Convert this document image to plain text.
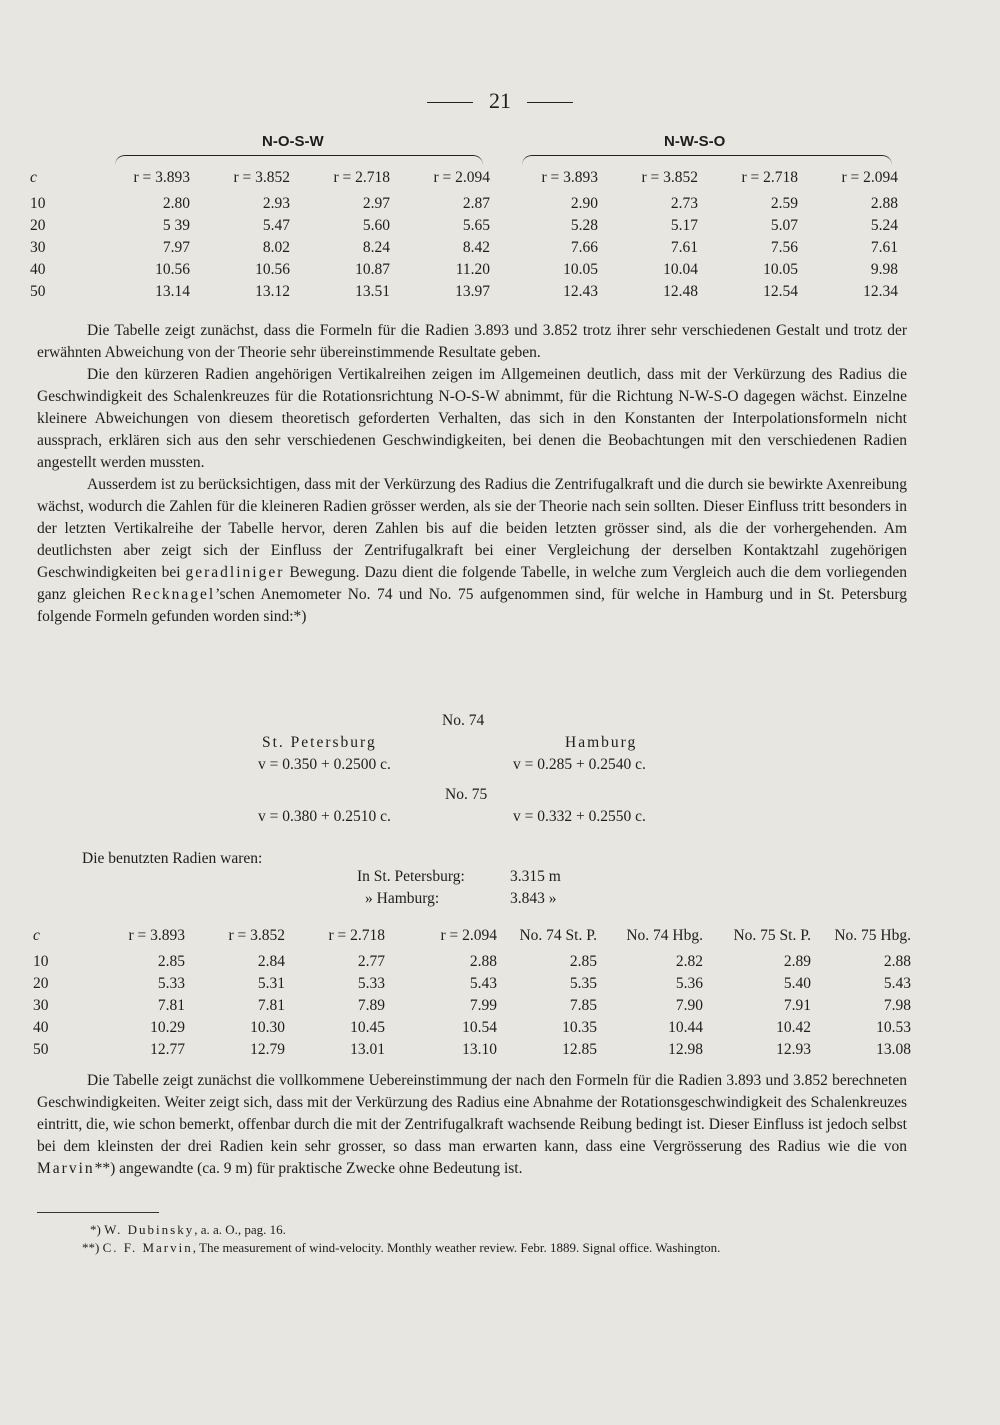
21
N-O-S-W	N-W-S-O
c	r = 3.893	r = 3.852	r = 2.718	r = 2.094	r = 3.893	r = 3.852	r = 2.718	r = 2.094
10	2.80	2.93	2.97	2.87	2.90	2.73	2.59	2.88
20	5 39	5.47	5.60	5.65	5.28	5.17	5.07	5.24
30	7.97	8.02	8.24	8.42	7.66	7.61	7.56	7.61
40	10.56	10.56	10.87	11.20	10.05	10.04	10.05	9.98
50	13.14	13.12	13.51	13.97	12.43	12.48	12.54	12.34

Die Tabelle zeigt zunächst, dass die Formeln für die Radien 3.893 und 3.852 trotz ihrer sehr verschiedenen Gestalt und trotz der erwähnten Abweichung von der Theorie sehr übereinstimmende Resultate geben.

Die den kürzeren Radien angehörigen Vertikalreihen zeigen im Allgemeinen deutlich, dass mit der Verkürzung des Radius die Geschwindigkeit des Schalenkreuzes für die Rotationsrichtung N-O-S-W abnimmt, für die Richtung N-W-S-O dagegen wächst. Einzelne kleinere Abweichungen von diesem theoretisch geforderten Verhalten, das sich in den Konstanten der Interpolationsformeln nicht aussprach, erklären sich aus den sehr verschiedenen Geschwindigkeiten, bei denen die Beobachtungen mit den verschiedenen Radien angestellt werden mussten.

Ausserdem ist zu berücksichtigen, dass mit der Verkürzung des Radius die Zentrifugalkraft und die durch sie bewirkte Axenreibung wächst, wodurch die Zahlen für die kleineren Radien grösser werden, als sie der Theorie nach sein sollten. Dieser Einfluss tritt besonders in der letzten Vertikalreihe der Tabelle hervor, deren Zahlen bis auf die beiden letzten grösser sind, als die der vorhergehenden. Am deutlichsten aber zeigt sich der Einfluss der Zentrifugalkraft bei einer Vergleichung der derselben Kontaktzahl zugehörigen Geschwindigkeiten bei geradliniger Bewegung. Dazu dient die folgende Tabelle, in welche zum Vergleich auch die dem vorliegenden ganz gleichen Recknagel’schen Anemometer No. 74 und No. 75 aufgenommen sind, für welche in Hamburg und in St. Petersburg folgende Formeln gefunden worden sind:*)

No. 74
St. Petersburg	Hamburg
v = 0.350 + 0.2500 c.	v = 0.285 + 0.2540 c.
No. 75
v = 0.380 + 0.2510 c.	v = 0.332 + 0.2550 c.
Die benutzten Radien waren:
In St. Petersburg:	3.315 m
» Hamburg:	3.843 »
c	r = 3.893	r = 3.852	r = 2.718	r = 2.094	No. 74 St. P.	No. 74 Hbg.	No. 75 St. P.	No. 75 Hbg.
10	2.85	2.84	2.77	2.88	2.85	2.82	2.89	2.88
20	5.33	5.31	5.33	5.43	5.35	5.36	5.40	5.43
30	7.81	7.81	7.89	7.99	7.85	7.90	7.91	7.98
40	10.29	10.30	10.45	10.54	10.35	10.44	10.42	10.53
50	12.77	12.79	13.01	13.10	12.85	12.98	12.93	13.08

Die Tabelle zeigt zunächst die vollkommene Uebereinstimmung der nach den Formeln für die Radien 3.893 und 3.852 berechneten Geschwindigkeiten. Weiter zeigt sich, dass mit der Verkürzung des Radius eine Abnahme der Rotationsgeschwindigkeit des Schalenkreuzes eintritt, die, wie schon bemerkt, offenbar durch die mit der Zentrifugalkraft wachsende Reibung bedingt ist. Dieser Einfluss ist jedoch selbst bei dem kleinsten der drei Radien kein sehr grosser, so dass man erwarten kann, dass eine Vergrösserung des Radius wie die von Marvin**) angewandte (ca. 9 m) für praktische Zwecke ohne Bedeutung ist.

*) W. Dubinsky, a. a. O., pag. 16.
**) C. F. Marvin, The measurement of wind-velocity. Monthly weather review. Febr. 1889. Signal office. Washington.
